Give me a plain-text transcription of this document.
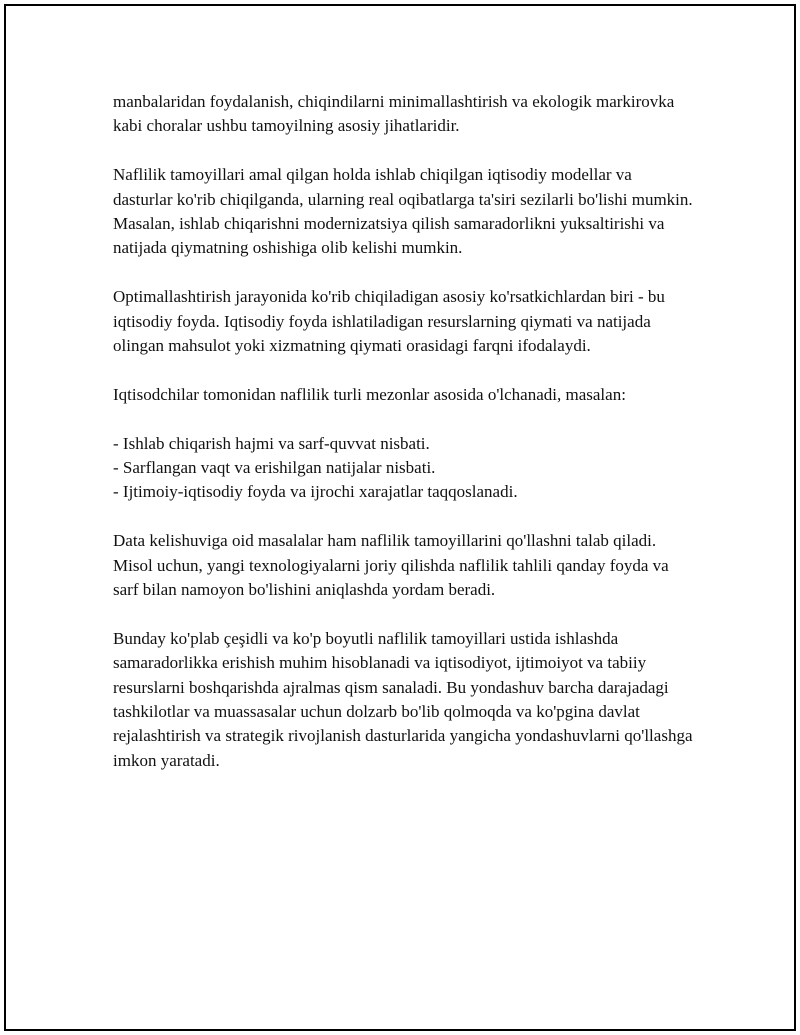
manbalaridan foydalanish, chiqindilarni minimallashtirish va ekologik markirovka kabi choralar ushbu tamoyilning asosiy jihatlaridir.

Naflilik tamoyillari amal qilgan holda ishlab chiqilgan iqtisodiy modellar va dasturlar ko'rib chiqilganda, ularning real oqibatlarga ta'siri sezilarli bo'lishi mumkin. Masalan, ishlab chiqarishni modernizatsiya qilish samaradorlikni yuksaltirishi va natijada qiymatning oshishiga olib kelishi mumkin.

Optimallashtirish jarayonida ko'rib chiqiladigan asosiy ko'rsatkichlardan biri - bu iqtisodiy foyda. Iqtisodiy foyda ishlatiladigan resurslarning qiymati va natijada olingan mahsulot yoki xizmatning qiymati orasidagi farqni ifodalaydi.

Iqtisodchilar tomonidan naflilik turli mezonlar asosida o'lchanadi, masalan:

- Ishlab chiqarish hajmi va sarf-quvvat nisbati.
- Sarflangan vaqt va erishilgan natijalar nisbati.
- Ijtimoiy-iqtisodiy foyda va ijrochi xarajatlar taqqoslanadi.

Data kelishuviga oid masalalar ham naflilik tamoyillarini qo'llashni talab qiladi. Misol uchun, yangi texnologiyalarni joriy qilishda naflilik tahlili qanday foyda va sarf bilan namoyon bo'lishini aniqlashda yordam beradi.

Bunday ko'plab çeşidli va ko'p boyutli naflilik tamoyillari ustida ishlashda samaradorlikka erishish muhim hisoblanadi va iqtisodiyot, ijtimoiyot va tabiiy resurslarni boshqarishda ajralmas qism sanaladi. Bu yondashuv barcha darajadagi tashkilotlar va muassasalar uchun dolzarb bo'lib qolmoqda va ko'pgina davlat rejalashtirish va strategik rivojlanish dasturlarida yangicha yondashuvlarni qo'llashga imkon yaratadi.
